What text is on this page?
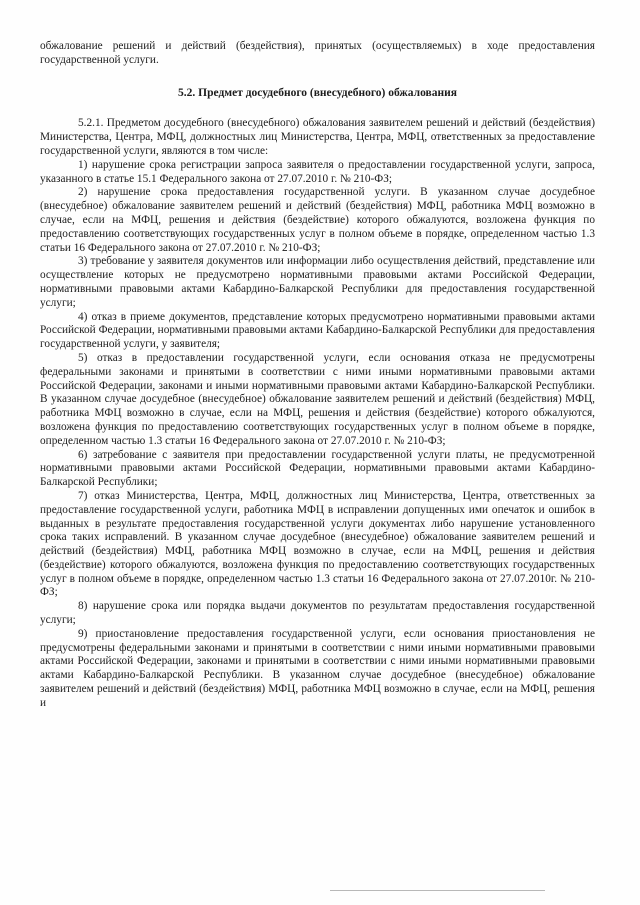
обжалование решений и действий (бездействия), принятых (осуществляемых) в ходе предоставления государственной услуги.

5.2. Предмет досудебного (внесудебного) обжалования

5.2.1. Предметом досудебного (внесудебного) обжалования заявителем решений и действий (бездействия) Министерства, Центра, МФЦ, должностных лиц Министерства, Центра, МФЦ, ответственных за предоставление государственной услуги, являются в том числе:

1) нарушение срока регистрации запроса заявителя о предоставлении государственной услуги, запроса, указанного в статье 15.1 Федерального закона от 27.07.2010 г. № 210-ФЗ;

2) нарушение срока предоставления государственной услуги. В указанном случае досудебное (внесудебное) обжалование заявителем решений и действий (бездействия) МФЦ, работника МФЦ возможно в случае, если на МФЦ, решения и действия (бездействие) которого обжалуются, возложена функция по предоставлению соответствующих государственных услуг в полном объеме в порядке, определенном частью 1.3 статьи 16 Федерального закона от 27.07.2010 г. № 210-ФЗ;

3) требование у заявителя документов или информации либо осуществления действий, представление или осуществление которых не предусмотрено нормативными правовыми актами Российской Федерации, нормативными правовыми актами Кабардино-Балкарской Республики для предоставления государственной услуги;

4) отказ в приеме документов, представление которых предусмотрено нормативными правовыми актами Российской Федерации, нормативными правовыми актами Кабардино-Балкарской Республики для предоставления государственной услуги, у заявителя;

5) отказ в предоставлении государственной услуги, если основания отказа не предусмотрены федеральными законами и принятыми в соответствии с ними иными нормативными правовыми актами Российской Федерации, законами и иными нормативными правовыми актами Кабардино-Балкарской Республики. В указанном случае досудебное (внесудебное) обжалование заявителем решений и действий (бездействия) МФЦ, работника МФЦ возможно в случае, если на МФЦ, решения и действия (бездействие) которого обжалуются, возложена функция по предоставлению соответствующих государственных услуг в полном объеме в порядке, определенном частью 1.3 статьи 16 Федерального закона от 27.07.2010 г. № 210-ФЗ;

6) затребование с заявителя при предоставлении государственной услуги платы, не предусмотренной нормативными правовыми актами Российской Федерации, нормативными правовыми актами Кабардино-Балкарской Республики;

7) отказ Министерства, Центра, МФЦ, должностных лиц Министерства, Центра, ответственных за предоставление государственной услуги, работника МФЦ в исправлении допущенных ими опечаток и ошибок в выданных в результате предоставления государственной услуги документах либо нарушение установленного срока таких исправлений. В указанном случае досудебное (внесудебное) обжалование заявителем решений и действий (бездействия) МФЦ, работника МФЦ возможно в случае, если на МФЦ, решения и действия (бездействие) которого обжалуются, возложена функция по предоставлению соответствующих государственных услуг в полном объеме в порядке, определенном частью 1.3 статьи 16 Федерального закона от 27.07.2010г. № 210-ФЗ;

8) нарушение срока или порядка выдачи документов по результатам предоставления государственной услуги;

9) приостановление предоставления государственной услуги, если основания приостановления не предусмотрены федеральными законами и принятыми в соответствии с ними иными нормативными правовыми актами Российской Федерации, законами и принятыми в соответствии с ними иными нормативными правовыми актами Кабардино-Балкарской Республики. В указанном случае досудебное (внесудебное) обжалование заявителем решений и действий (бездействия) МФЦ, работника МФЦ возможно в случае, если на МФЦ, решения и
